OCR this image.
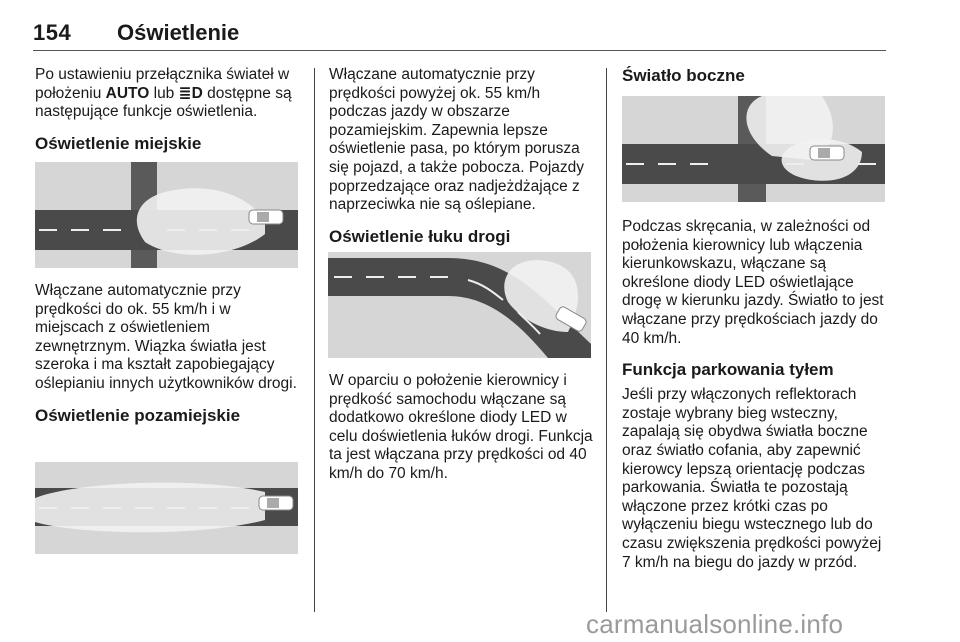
154 Oświetlenie

Po ustawieniu przełącznika świateł w położeniu AUTO lub ≣D dostępne są następujące funkcje oświetlenia.

Oświetlenie miejskie

Włączane automatycznie przy prędkości do ok. 55 km/h i w miejscach z oświetleniem zewnętrznym. Wiązka światła jest szeroka i ma kształt zapobiegający oślepianiu innych użytkowników drogi.

Oświetlenie pozamiejskie

Włączane automatycznie przy prędkości powyżej ok. 55 km/h podczas jazdy w obszarze pozamiejskim. Zapewnia lepsze oświetlenie pasa, po którym porusza się pojazd, a także pobocza. Pojazdy poprzedzające oraz nadjeżdżające z naprzeciwka nie są oślepiane.

Oświetlenie łuku drogi

W oparciu o położenie kierownicy i prędkość samochodu włączane są dodatkowo określone diody LED w celu doświetlenia łuków drogi. Funkcja ta jest włączana przy prędkości od 40 km/h do 70 km/h.

Światło boczne

Podczas skręcania, w zależności od położenia kierownicy lub włączenia kierunkowskazu, włączane są określone diody LED oświetlające drogę w kierunku jazdy. Światło to jest włączane przy prędkościach jazdy do 40 km/h.

Funkcja parkowania tyłem

Jeśli przy włączonych reflektorach zostaje wybrany bieg wsteczny, zapalają się obydwa światła boczne oraz światło cofania, aby zapewnić kierowcy lepszą orientację podczas parkowania. Światła te pozostają włączone przez krótki czas po wyłączeniu biegu wstecznego lub do czasu zwiększenia prędkości powyżej 7 km/h na biegu do jazdy w przód.

carmanualsonline.info
